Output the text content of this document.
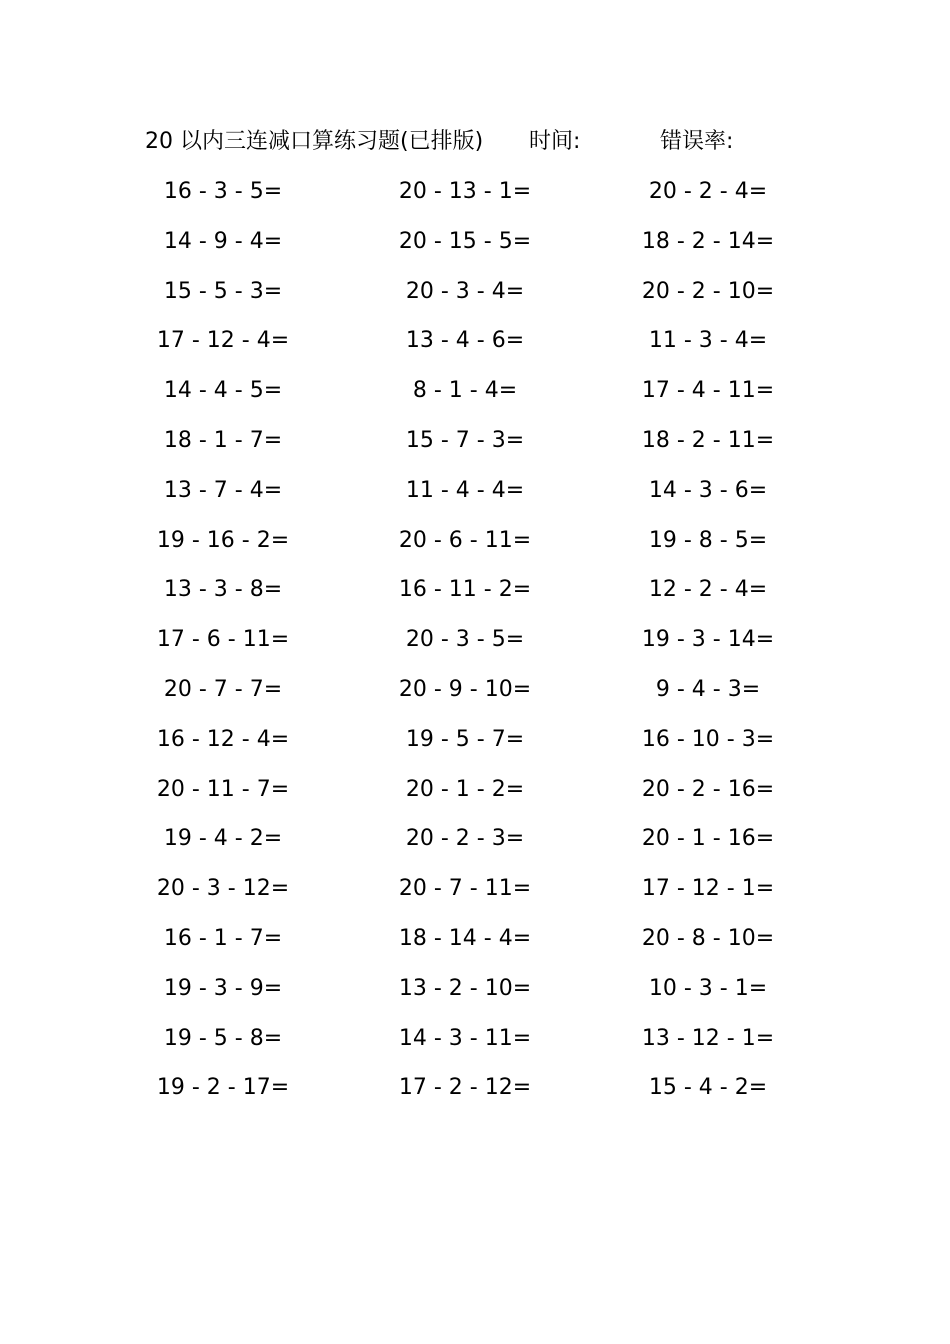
20 以内三连减口算练习题(已排版) 时间:	错误率:
16 - 3 - 5=	20 - 13 - 1=	20 - 2 - 4=
14 - 9 - 4=	20 - 15 - 5=	18 - 2 - 14=
15 - 5 - 3=	20 - 3 - 4=	20 - 2 - 10=
17 - 12 - 4=	13 - 4 - 6=	11 - 3 - 4=
14 - 4 - 5=	8 - 1 - 4=	17 - 4 - 11=
18 - 1 - 7=	15 - 7 - 3=	18 - 2 - 11=
13 - 7 - 4=	11 - 4 - 4=	14 - 3 - 6=
19 - 16 - 2=	20 - 6 - 11=	19 - 8 - 5=
13 - 3 - 8=	16 - 11 - 2=	12 - 2 - 4=
17 - 6 - 11=	20 - 3 - 5=	19 - 3 - 14=
20 - 7 - 7=	20 - 9 - 10=	9 - 4 - 3=
16 - 12 - 4=	19 - 5 - 7=	16 - 10 - 3=
20 - 11 - 7=	20 - 1 - 2=	20 - 2 - 16=
19 - 4 - 2=	20 - 2 - 3=	20 - 1 - 16=
20 - 3 - 12=	20 - 7 - 11=	17 - 12 - 1=
16 - 1 - 7=	18 - 14 - 4=	20 - 8 - 10=
19 - 3 - 9=	13 - 2 - 10=	10 - 3 - 1=
19 - 5 - 8=	14 - 3 - 11=	13 - 12 - 1=
19 - 2 - 17=	17 - 2 - 12=	15 - 4 - 2=
